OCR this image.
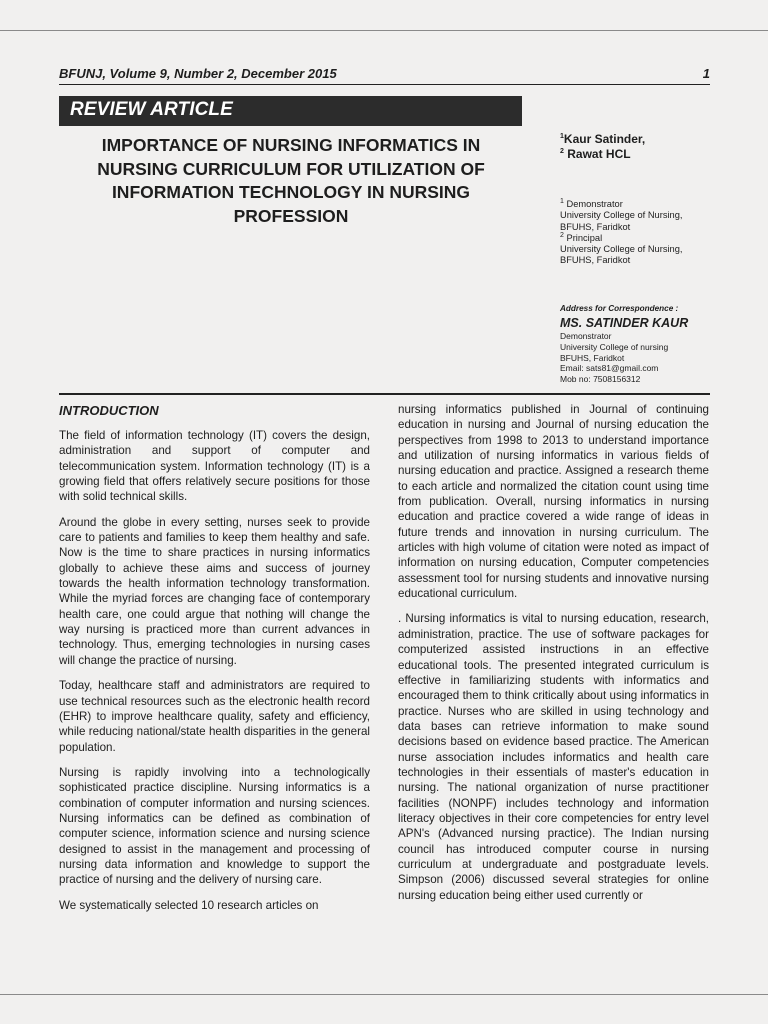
BFUNJ, Volume 9, Number 2, December 2015	1
REVIEW ARTICLE
IMPORTANCE OF NURSING INFORMATICS IN NURSING CURRICULUM FOR UTILIZATION OF INFORMATION TECHNOLOGY IN NURSING PROFESSION
$^1$Kaur Satinder,
$^2$ Rawat HCL
$^1$ Demonstrator
University College of Nursing,
BFUHS, Faridkot
$^2$ Principal
University College of Nursing,
BFUHS, Faridkot
Address for Correspondence :
MS. SATINDER KAUR
Demonstrator
University College of nursing
BFUHS, Faridkot
Email: sats81@gmail.com
Mob no: 7508156312
INTRODUCTION

The field of information technology (IT) covers the design, administration and support of computer and telecommunication system. Information technology (IT) is a growing field that offers relatively secure positions for those with solid technical skills.

Around the globe in every setting, nurses seek to provide care to patients and families to keep them healthy and safe. Now is the time to share practices in nursing informatics globally to achieve these aims and success of journey towards the health information technology transformation. While the myriad forces are changing face of contemporary health care, one could argue that nothing will change the way nursing is practiced more than current advances in technology. Thus, emerging technologies in nursing cases will change the practice of nursing.

Today, healthcare staff and administrators are required to use technical resources such as the electronic health record (EHR) to improve healthcare quality, safety and efficiency, while reducing national/state health disparities in the general population.

Nursing is rapidly involving into a technologically sophisticated practice discipline. Nursing informatics is a combination of computer information and nursing sciences. Nursing informatics can be defined as combination of computer science, information science and nursing science designed to assist in the management and processing of nursing data information and knowledge to support the practice of nursing and the delivery of nursing care.

We systematically selected 10 research articles on

nursing informatics published in Journal of continuing education in nursing and Journal of nursing education the perspectives from 1998 to 2013 to understand importance and utilization of nursing informatics in various fields of nursing education and practice. Assigned a research theme to each article and normalized the citation count using time from publication. Overall, nursing informatics in nursing education and practice covered a wide range of ideas in future trends and innovation in nursing curriculum. The articles with high volume of citation were noted as impact of information on nursing education, Computer competencies assessment tool for nursing students and innovative nursing educational curriculum.

. Nursing informatics is vital to nursing education, research, administration, practice. The use of software packages for computerized assisted instructions in an effective educational tools. The presented integrated curriculum is effective in familiarizing students with informatics and encouraged them to think critically about using informatics in practice. Nurses who are skilled in using technology and data bases can retrieve information to make sound decisions based on evidence based practice. The American nurse association includes informatics and health care technologies in their essentials of master's education in nursing. The national organization of nurse practitioner facilities (NONPF) includes technology and information literacy objectives in their core competencies for entry level APN's (Advanced nursing practice). The Indian nursing council has introduced computer course in nursing curriculum at undergraduate and postgraduate levels. Simpson (2006) discussed several strategies for online nursing education being either used currently or
